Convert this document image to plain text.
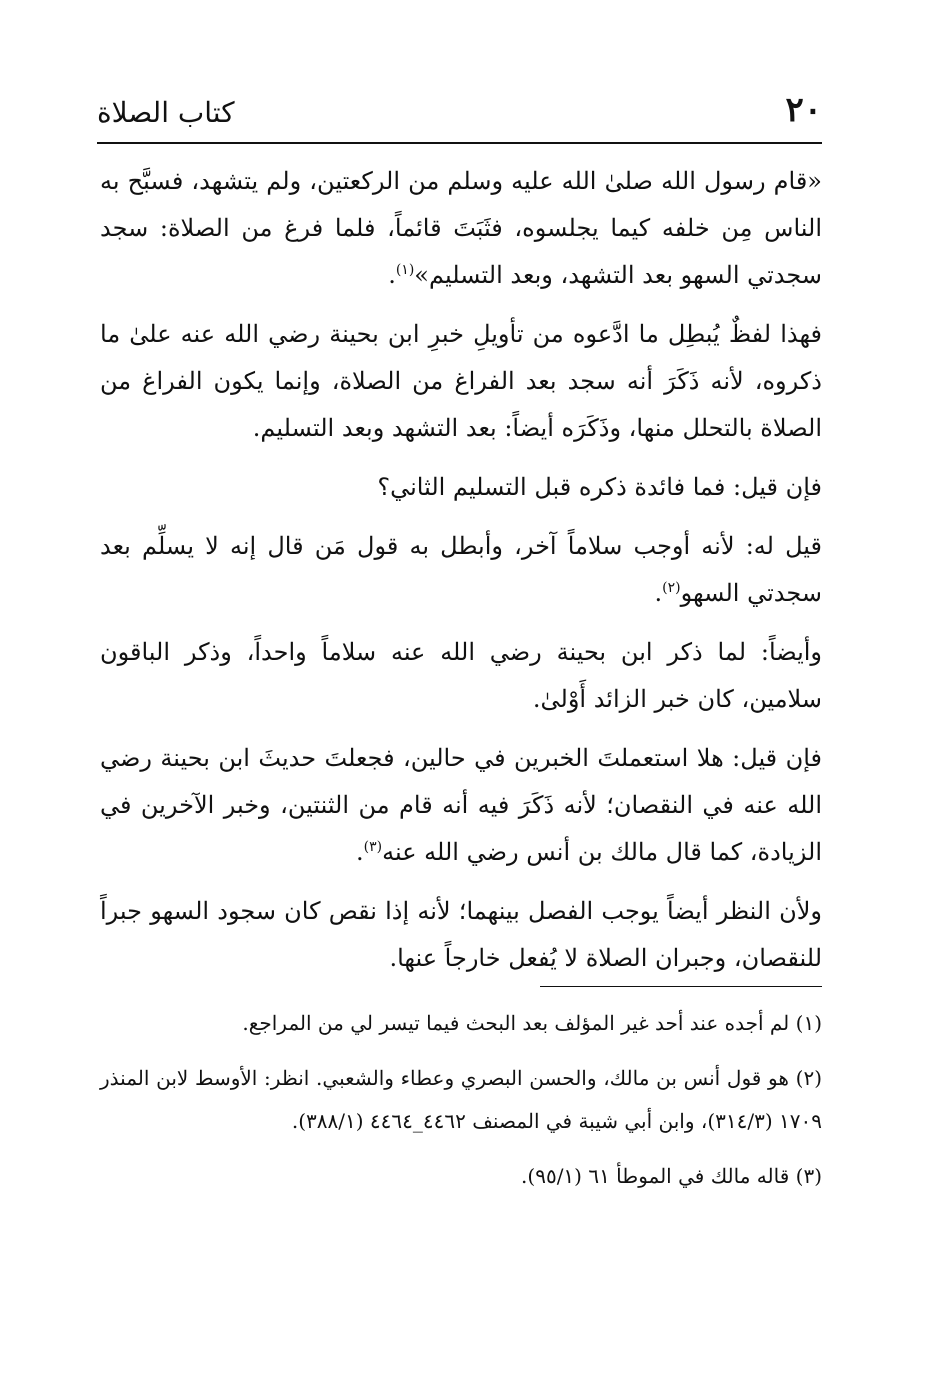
٢٠
كتاب الصلاة

«قام رسول الله صلىٰ الله عليه وسلم من الركعتين، ولم يتشهد، فسبَّح به الناس مِن خلفه كيما يجلسوه، فثَبَتَ قائماً، فلما فرغ من الصلاة: سجد سجدتي السهو بعد التشهد، وبعد التسليم»$^{(١)}$.

فهذا لفظٌ يُبطِل ما ادَّعوه من تأويلِ خبرِ ابن بحينة رضي الله عنه علىٰ ما ذكروه، لأنه ذَكَرَ أنه سجد بعد الفراغ من الصلاة، وإنما يكون الفراغ من الصلاة بالتحلل منها، وذَكَرَه أيضاً: بعد التشهد وبعد التسليم.

فإن قيل: فما فائدة ذكره قبل التسليم الثاني؟

قيل له: لأنه أوجب سلاماً آخر، وأبطل به قول مَن قال إنه لا يسلِّم بعد سجدتي السهو$^{(٢)}$.

وأيضاً: لما ذكر ابن بحينة رضي الله عنه سلاماً واحداً، وذكر الباقون سلامين، كان خبر الزائد أَوْلىٰ.

فإن قيل: هلا استعملتَ الخبرين في حالين، فجعلتَ حديثَ ابن بحينة رضي الله عنه في النقصان؛ لأنه ذَكَرَ فيه أنه قام من الثنتين، وخبر الآخرين في الزيادة، كما قال مالك بن أنس رضي الله عنه$^{(٣)}$.

ولأن النظر أيضاً يوجب الفصل بينهما؛ لأنه إذا نقص كان سجود السهو جبراً للنقصان، وجبران الصلاة لا يُفعل خارجاً عنها.

(١) لم أجده عند أحد غير المؤلف بعد البحث فيما تيسر لي من المراجع.

(٢) هو قول أنس بن مالك، والحسن البصري وعطاء والشعبي. انظر: الأوسط لابن المنذر ١٧٠٩ (٣١٤/٣)، وابن أبي شيبة في المصنف ٤٤٦٢_٤٤٦٤ (٣٨٨/١).

(٣) قاله مالك في الموطأ ٦١ (٩٥/١).
